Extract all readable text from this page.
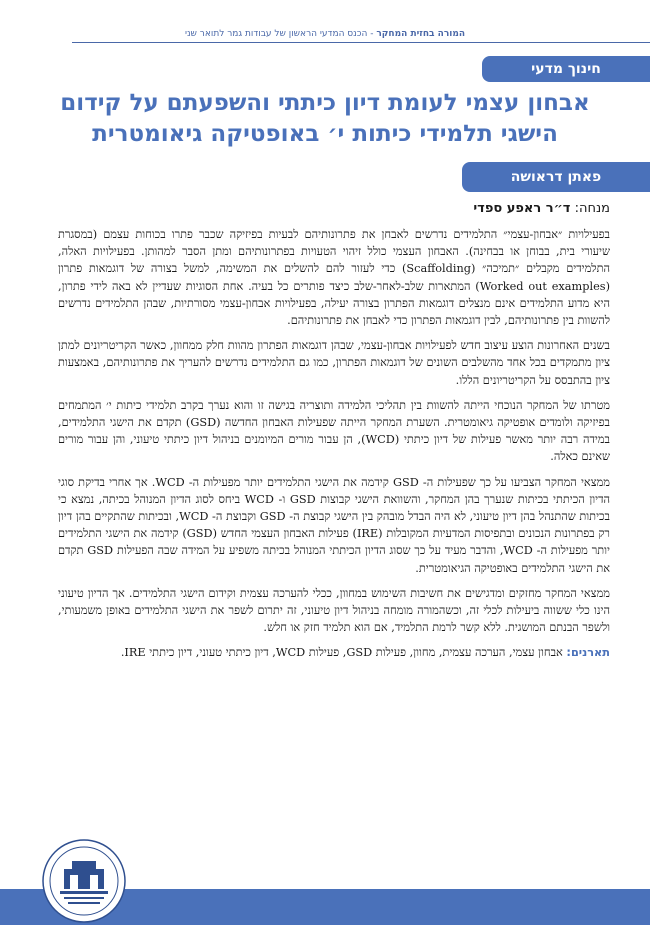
המורה בחזית המחקר - הכנס המדעי הראשון של עבודות גמר לתואר שני
חינוך מדעי
אבחון עצמי לעומת דיון כיתתי והשפעתם על קידום
הישגי תלמידי כיתות י׳ באופטיקה גיאומטרית
פאתן דראושה
מנחה: ד״ר ראפע ספדי

בפעילויות ״אבחון-עצמי״ התלמידים נדרשים לאבחן את פתרונותיהם לבעיות בפיזיקה שכבר פתרו בכוחות עצמם (במסגרת שיעורי בית, בבוחן או בבחינה). האבחון העצמי כולל זיהוי הטעויות בפתרונותיהם ומתן הסבר למהותן. בפעילויות האלה, התלמידים מקבלים ״תמיכה״ (Scaffolding) כדי לעזור להם להשלים את המשימה, למשל בצורה של דוגמאות פתרון (Worked out examples) המתארות שלב-לאחר-שלב כיצד פותרים כל בעיה. אחת הסוגיות שעדיין לא באה לידי פתרון, היא מדוע התלמידים אינם מנצלים דוגמאות הפתרון בצורה יעילה, בפעילויות אבחון-עצמי מסורתיות, שבהן התלמידים נדרשים להשוות בין פתרונותיהם, לבין דוגמאות הפתרון כדי לאבחן את פתרונותיהם.

בשנים האחרונות הוצע עיצוב חדש לפעילויות אבחון-עצמי, שבהן דוגמאות הפתרון מהוות חלק ממחוון, כאשר הקריטריונים למתן ציון מתמקדים בכל אחד מהשלבים השונים של דוגמאות הפתרון, כמו גם התלמידים נדרשים להעריך את פתרונותיהם, באמצעות ציון בהתבסס על הקריטריונים הללו.

מטרתו של המחקר הנוכחי הייתה להשוות בין תהליכי הלמידה ותוצריה בגישה זו והוא נערך בקרב תלמידי כיתות י׳ המתמחים בפיזיקה ולומדים אופטיקה גיאומטרית. השערת המחקר הייתה שפעילות האבחון החדשה (GSD) תקדם את הישגי התלמידים, במידה רבה יותר מאשר פעילות של דיון כיתתי (WCD), הן עבור מורים המיומנים בניהול דיון כיתתי טיעוני, והן עבור מורים שאינם כאלה.

ממצאי המחקר הצביעו על כך שפעילות ה- GSD קידמה את הישגי התלמידים יותר מפעילות ה- WCD. אך אחרי בדיקת סוגי הדיון הכיתתי בכיתות שנערך בהן המחקר, והשוואת הישגי קבוצות GSD ו- WCD ביחס לסוג הדיון המנוהל בכיתה, נמצא כי בכיתות שהתנהל בהן דיון טיעוני, לא היה הבדל מובהק בין הישגי קבוצת ה- GSD וקבוצת ה- WCD, ובכיתות שהתקיים בהן דיון רק בפתרונות הנכונים ובתפיסות המדעיות המקובלות (IRE) פעילות האבחון העצמי החדש (GSD) קידמה את הישגי התלמידים יותר מפעילות ה- WCD, והדבר מעיד על כך שסוג הדיון הכיתתי המנוהל בכיתה משפיע על המידה שבה הפעילות GSD תקדם את הישגי התלמידים באופטיקה הגיאומטרית.

ממצאי המחקר מחזקים ומדגישים את חשיבות השימוש במחוון, ככלי להערכה עצמית וקידום הישגי התלמידים. אך הדיון טיעוני הינו כלי ששווה ביעילות לכלי זה, וכשהמורה מומחה בניהול דיון טיעוני, זה יתרום לשפר את הישגי התלמידים באופן משמעותי, ולשפר הבנתם המושגית. ללא קשר לרמת התלמיד, אם הוא תלמיד חזק או חלש.

תארנים: אבחון עצמי, הערכה עצמית, מחוון, פעילות GSD, פעילות WCD, דיון כיתתי טעוני, דיון כיתתי IRE.
